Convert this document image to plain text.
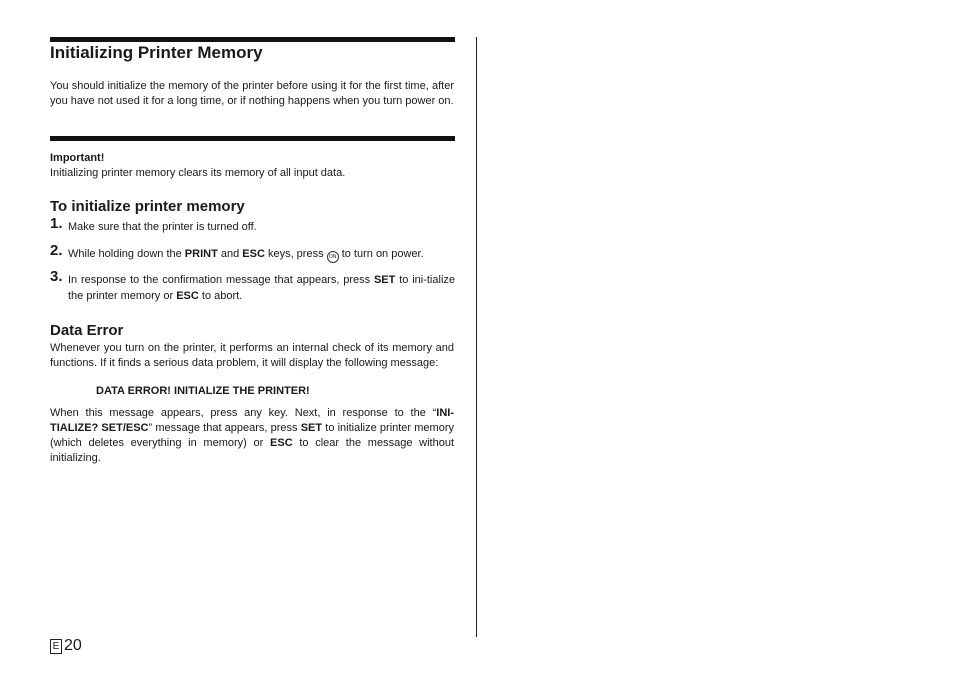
Initializing Printer Memory

You should initialize the memory of the printer before using it for the first time, after you have not used it for a long time, or if nothing happens when you turn power on.

Important!

Initializing printer memory clears its memory of all input data.

To initialize printer memory
1. Make sure that the printer is turned off.
2. While holding down the PRINT and ESC keys, press ON to turn on power.
3. In response to the confirmation message that appears, press SET to ini-tialize the printer memory or ESC to abort.
Data Error

Whenever you turn on the printer, it performs an internal check of its memory and functions. If it finds a serious data problem, it will display the following message:

DATA ERROR! INITIALIZE THE PRINTER!

When this message appears, press any key. Next, in response to the “INI-TIALIZE? SET/ESC” message that appears, press SET to initialize printer memory (which deletes everything in memory) or ESC to clear the message without initializing.

E 20
